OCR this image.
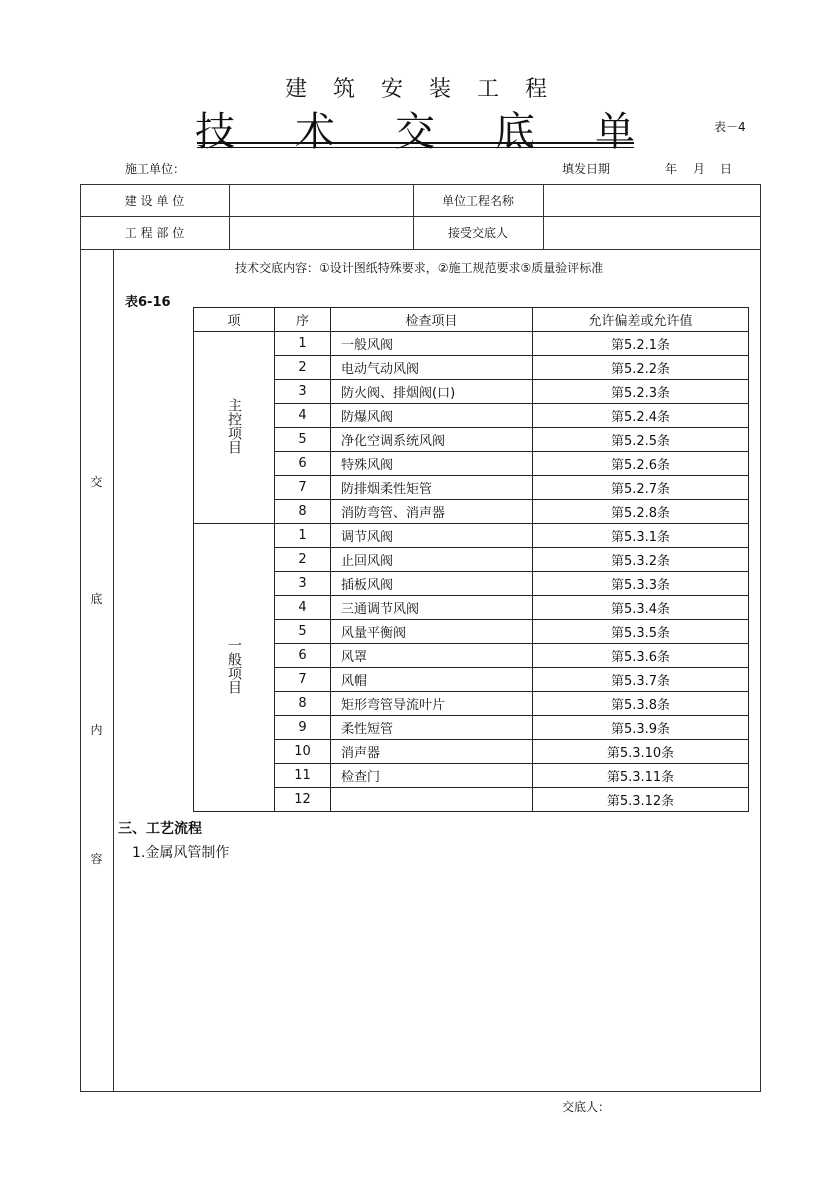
建筑安装工程
技 术 交 底 单	表－4
施工单位：	填发日期	年 月 日
建 设 单 位	单位工程名称
工 程 部 位	接受交底人
交
底
内
容
技术交底内容：①设计图纸特殊要求，②施工规范要求⑤质量验评标准
表6-16
项	序	检查项目	允许偏差或允许值
主控项目	1	一般风阀	第5.2.1条
	2	电动气动风阀	第5.2.2条
	3	防火阀、排烟阀(口)	第5.2.3条
	4	防爆风阀	第5.2.4条
	5	净化空调系统风阀	第5.2.5条
	6	特殊风阀	第5.2.6条
	7	防排烟柔性矩管	第5.2.7条
	8	消防弯管、消声器	第5.2.8条
一般项目	1	调节风阀	第5.3.1条
	2	止回风阀	第5.3.2条
	3	插板风阀	第5.3.3条
	4	三通调节风阀	第5.3.4条
	5	风量平衡阀	第5.3.5条
	6	风罩	第5.3.6条
	7	风帽	第5.3.7条
	8	矩形弯管导流叶片	第5.3.8条
	9	柔性短管	第5.3.9条
	10	消声器	第5.3.10条
	11	检查门	第5.3.11条
	12		第5.3.12条
三、工艺流程
1.金属风管制作
交底人：
